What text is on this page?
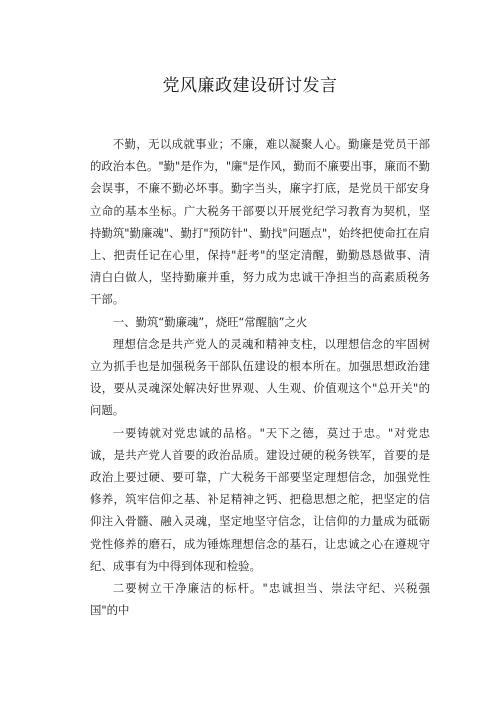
党风廉政建设研讨发言

不勤，无以成就事业；不廉，难以凝聚人心。勤廉是党员干部的政治本色。"勤"是作为，"廉"是作风，勤而不廉要出事，廉而不勤会误事，不廉不勤必坏事。勤字当头，廉字打底，是党员干部安身立命的基本坐标。广大税务干部要以开展党纪学习教育为契机，坚持勤筑"勤廉魂"、勤打"预防针"、勤找"问题点"，始终把使命扛在肩上、把责任记在心里，保持"赶考"的坚定清醒，勤勤恳恳做事、清清白白做人，坚持勤廉并重，努力成为忠诚干净担当的高素质税务干部。

一、勤筑“勤廉魂”，烧旺“常醒脑”之火

理想信念是共产党人的灵魂和精神支柱，以理想信念的牢固树立为抓手也是加强税务干部队伍建设的根本所在。加强思想政治建设，要从灵魂深处解决好世界观、人生观、价值观这个"总开关"的问题。

一要铸就对党忠诚的品格。"天下之德，莫过于忠。"对党忠诚，是共产党人首要的政治品质。建设过硬的税务铁军，首要的是政治上要过硬、要可靠，广大税务干部要坚定理想信念，加强党性修养，筑牢信仰之基、补足精神之钙、把稳思想之舵，把坚定的信仰注入骨髓、融入灵魂，坚定地坚守信念，让信仰的力量成为砥砺党性修养的磨石，成为锤炼理想信念的基石，让忠诚之心在遵规守纪、成事有为中得到体现和检验。

二要树立干净廉洁的标杆。"忠诚担当、崇法守纪、兴税强国"的中
